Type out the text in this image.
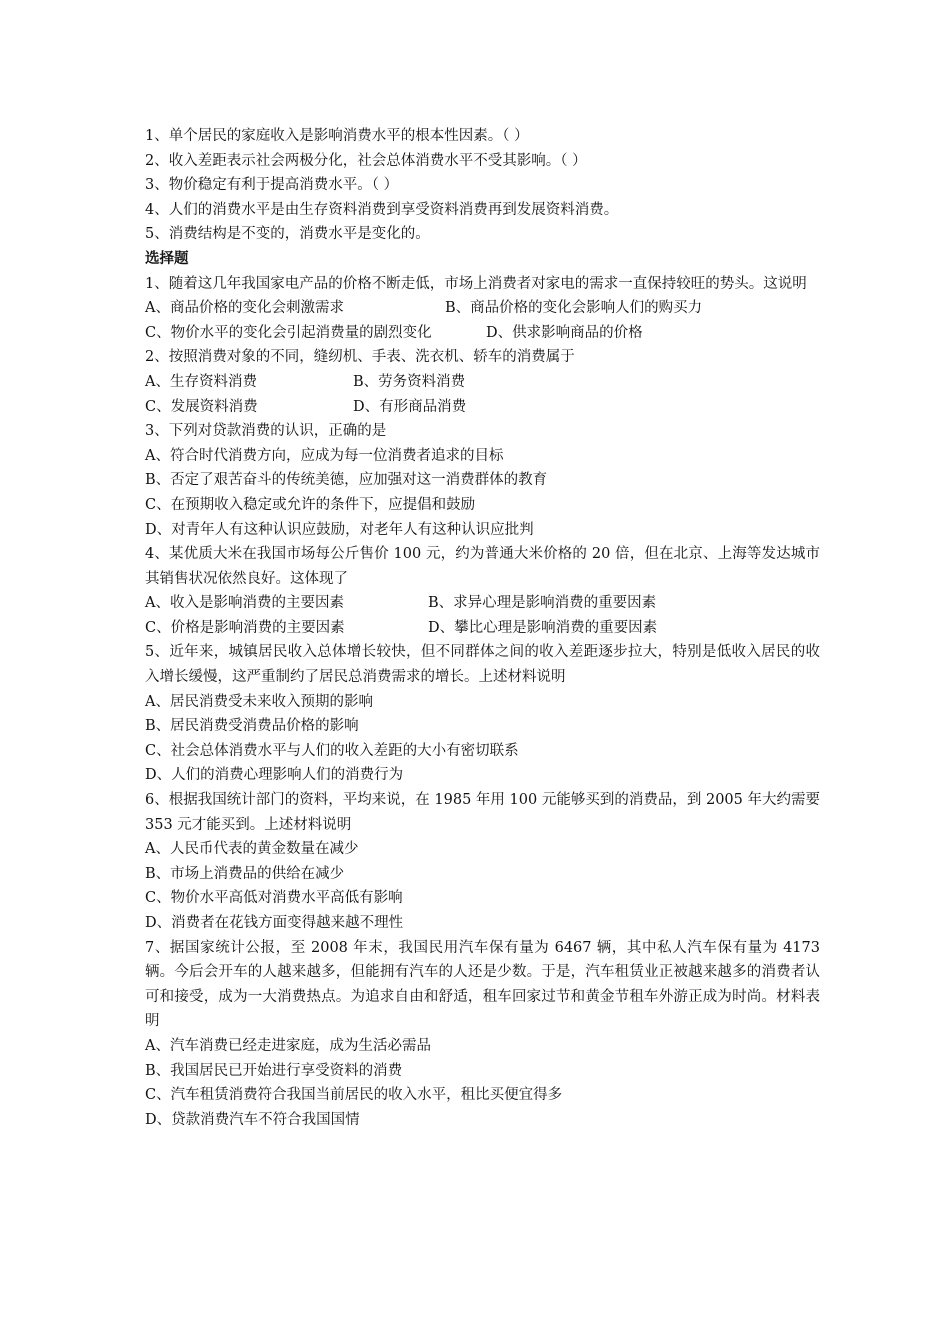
1、单个居民的家庭收入是影响消费水平的根本性因素。（ ）
2、收入差距表示社会两极分化，社会总体消费水平不受其影响。（ ）
3、物价稳定有利于提高消费水平。（ ）
4、人们的消费水平是由生存资料消费到享受资料消费再到发展资料消费。
5、消费结构是不变的，消费水平是变化的。
选择题
1、随着这几年我国家电产品的价格不断走低，市场上消费者对家电的需求一直保持较旺的势头。这说明
A、商品价格的变化会刺激需求	B、商品价格的变化会影响人们的购买力
C、物价水平的变化会引起消费量的剧烈变化	D、供求影响商品的价格
2、按照消费对象的不同，缝纫机、手表、洗衣机、轿车的消费属于
A、生存资料消费	B、劳务资料消费
C、发展资料消费	D、有形商品消费
3、下列对贷款消费的认识，正确的是
A、符合时代消费方向，应成为每一位消费者追求的目标
B、否定了艰苦奋斗的传统美德，应加强对这一消费群体的教育
C、在预期收入稳定或允许的条件下，应提倡和鼓励
D、对青年人有这种认识应鼓励，对老年人有这种认识应批判
4、某优质大米在我国市场每公斤售价 100 元，约为普通大米价格的 20 倍，但在北京、上海等发达城市其销售状况依然良好。这体现了
A、收入是影响消费的主要因素	B、求异心理是影响消费的重要因素
C、价格是影响消费的主要因素	D、攀比心理是影响消费的重要因素
5、近年来，城镇居民收入总体增长较快，但不同群体之间的收入差距逐步拉大，特别是低收入居民的收入增长缓慢，这严重制约了居民总消费需求的增长。上述材料说明
A、居民消费受未来收入预期的影响
B、居民消费受消费品价格的影响
C、社会总体消费水平与人们的收入差距的大小有密切联系
D、人们的消费心理影响人们的消费行为
6、根据我国统计部门的资料，平均来说，在 1985 年用 100 元能够买到的消费品，到 2005 年大约需要 353 元才能买到。上述材料说明
A、人民币代表的黄金数量在减少
B、市场上消费品的供给在减少
C、物价水平高低对消费水平高低有影响
D、消费者在花钱方面变得越来越不理性
7、据国家统计公报，至 2008 年末，我国民用汽车保有量为 6467 辆，其中私人汽车保有量为 4173 辆。今后会开车的人越来越多，但能拥有汽车的人还是少数。于是，汽车租赁业正被越来越多的消费者认可和接受，成为一大消费热点。为追求自由和舒适，租车回家过节和黄金节租车外游正成为时尚。材料表明
A、汽车消费已经走进家庭，成为生活必需品
B、我国居民已开始进行享受资料的消费
C、汽车租赁消费符合我国当前居民的收入水平，租比买便宜得多
D、贷款消费汽车不符合我国国情
